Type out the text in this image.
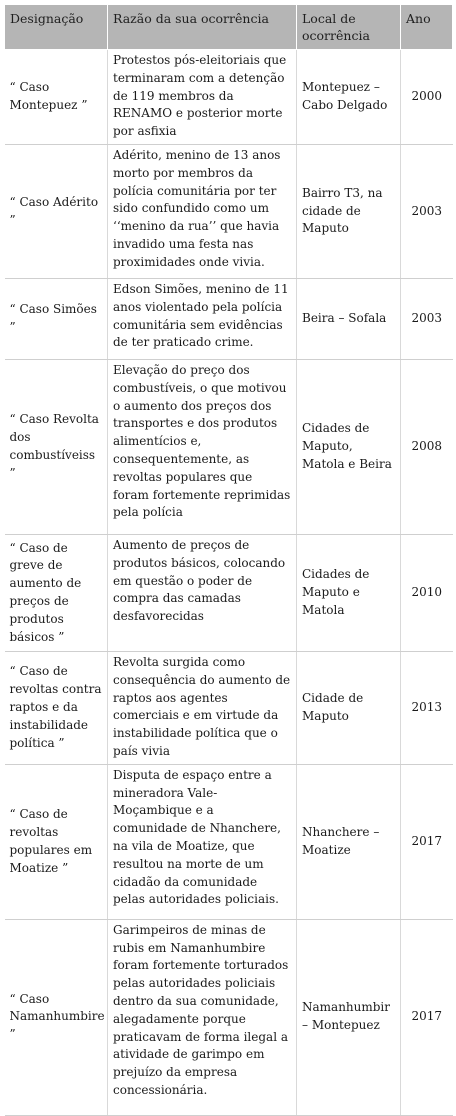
Designação	Razão da sua ocorrência	Local de ocorrência	Ano
“ Caso Montepuez ”	Protestos pós-eleitoriais que terminaram com a detenção de 119 membros da RENAMO e posterior morte por asfixia	Montepuez – Cabo Delgado	2000
“ Caso Adérito ”	Adérito, menino de 13 anos morto por membros da polícia comunitária por ter sido confundido como um ‘‘menino da rua’’ que havia invadido uma festa nas proximidades onde vivia.	Bairro T3, na cidade de Maputo	2003
“ Caso Simões ”	Edson Simões, menino de 11 anos violentado pela polícia comunitária sem evidências de ter praticado crime.	Beira – Sofala	2003
“ Caso Revolta dos combustíveiss ”	Elevação do preço dos combustíveis, o que motivou o aumento dos preços dos transportes e dos produtos alimentícios e, consequentemente, as revoltas populares que foram fortemente reprimidas pela polícia	Cidades de Maputo, Matola e Beira	2008
“ Caso de greve de aumento de preços de produtos básicos ”	Aumento de preços de produtos básicos, colocando em questão o poder de compra das camadas desfavorecidas	Cidades de Maputo e Matola	2010
“ Caso de revoltas contra raptos e da instabilidade política ”	Revolta surgida como consequência do aumento de raptos aos agentes comerciais e em virtude da instabilidade política que o país vivia	Cidade de Maputo	2013
“ Caso de revoltas populares em Moatize ”	Disputa de espaço entre a mineradora Vale-Moçambique e a comunidade de Nhanchere, na vila de Moatize, que resultou na morte de um cidadão da comunidade pelas autoridades policiais.	Nhanchere – Moatize	2017
“ Caso Namanhumbire ”	Garimpeiros de minas de rubis em Namanhumbire foram fortemente torturados pelas autoridades policiais dentro da sua comunidade, alegadamente porque praticavam de forma ilegal a atividade de garimpo em prejuízo da empresa concessionária.	Namanhumbir – Montepuez	2017
